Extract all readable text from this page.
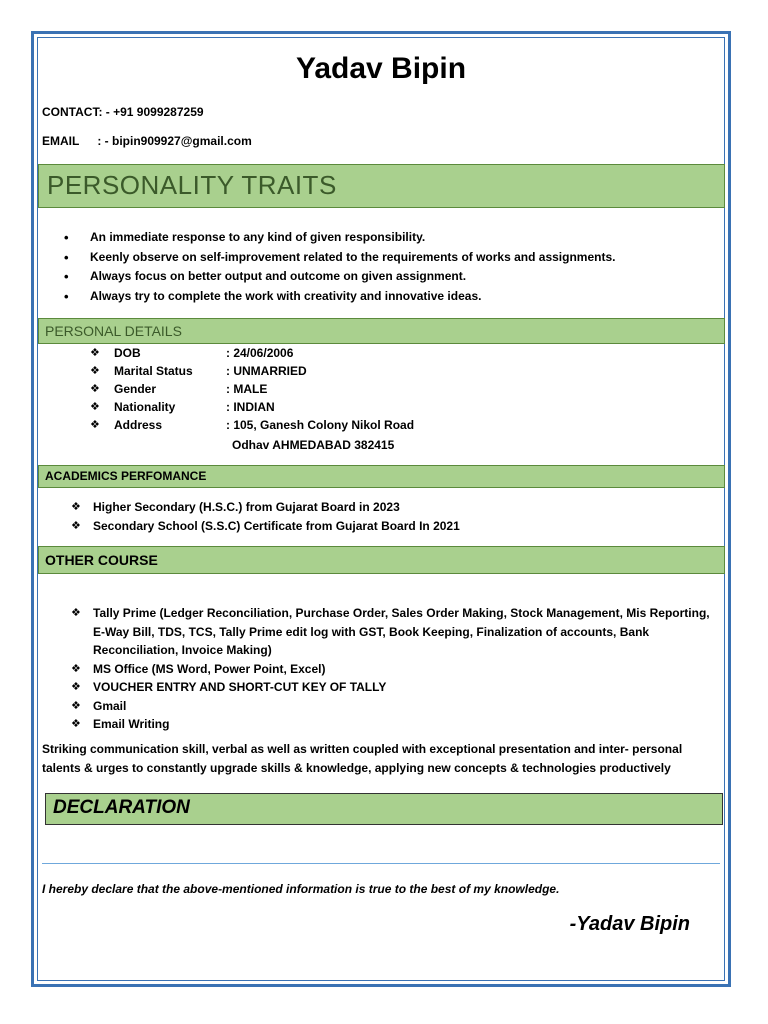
Yadav Bipin
CONTACT: - +91 9099287259
EMAIL : - bipin909927@gmail.com
PERSONALITY TRAITS
• An immediate response to any kind of given responsibility.
• Keenly observe on self-improvement related to the requirements of works and assignments.
• Always focus on better output and outcome on given assignment.
• Always try to complete the work with creativity and innovative ideas.
PERSONAL DETAILS
❖ DOB	: 24/06/2006
❖ Marital Status	: UNMARRIED
❖ Gender	: MALE
❖ Nationality	: INDIAN
❖ Address	: 105, Ganesh Colony Nikol Road
Odhav AHMEDABAD 382415
ACADEMICS PERFOMANCE
❖ Higher Secondary (H.S.C.) from Gujarat Board in 2023
❖ Secondary School (S.S.C) Certificate from Gujarat Board In 2021
OTHER COURSE
❖ Tally Prime (Ledger Reconciliation, Purchase Order, Sales Order Making, Stock Management, Mis Reporting, E-Way Bill, TDS, TCS, Tally Prime edit log with GST, Book Keeping, Finalization of accounts, Bank Reconciliation, Invoice Making)
❖ MS Office (MS Word, Power Point, Excel)
❖ VOUCHER ENTRY AND SHORT-CUT KEY OF TALLY
❖ Gmail
❖ Email Writing
Striking communication skill, verbal as well as written coupled with exceptional presentation and inter- personal talents & urges to constantly upgrade skills & knowledge, applying new concepts & technologies productively
DECLARATION
I hereby declare that the above-mentioned information is true to the best of my knowledge.
-Yadav Bipin
